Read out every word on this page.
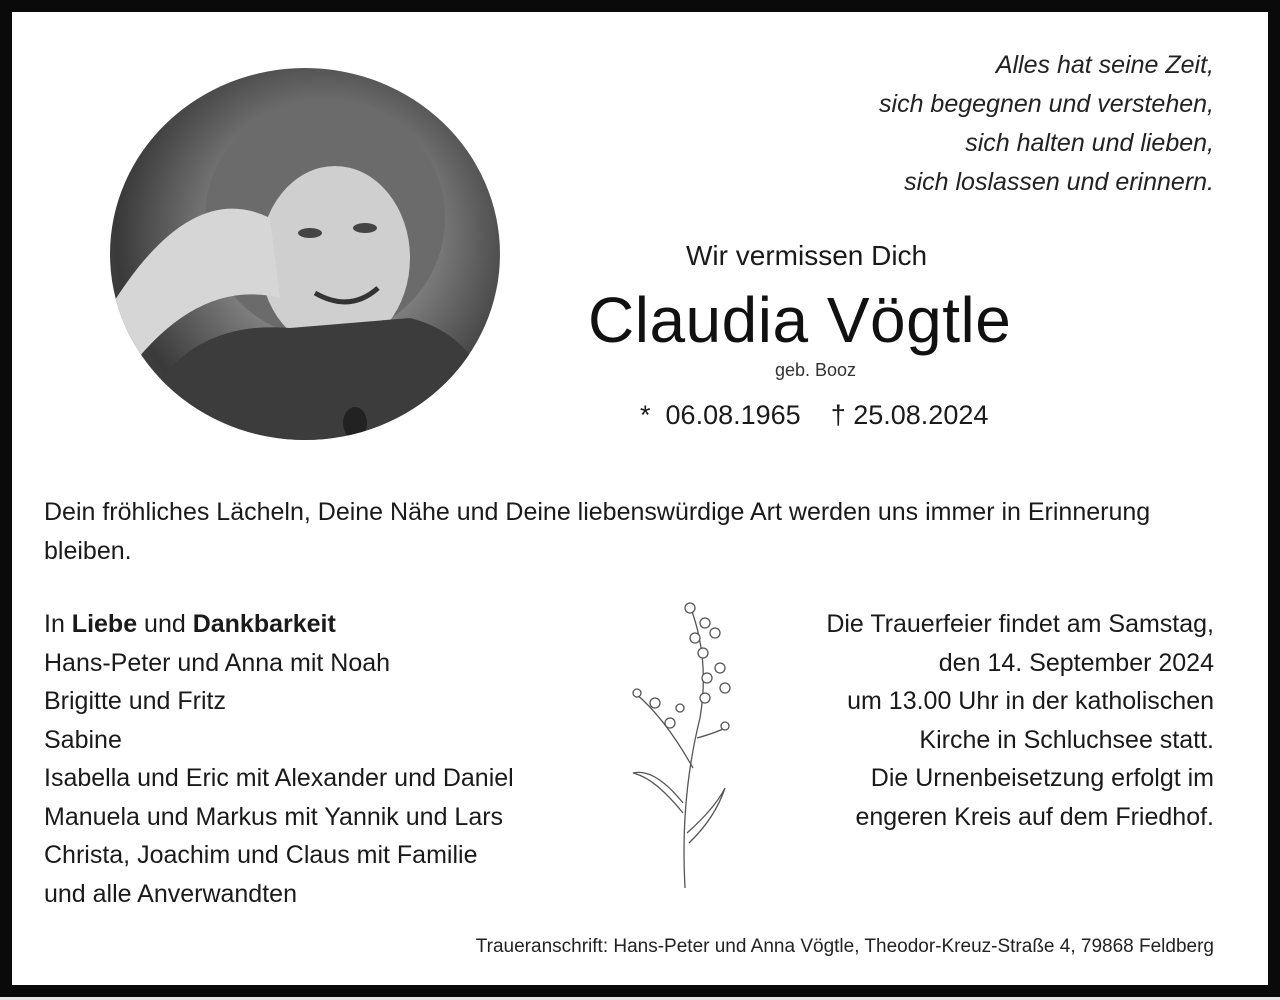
Alles hat seine Zeit,
sich begegnen und verstehen,
sich halten und lieben,
sich loslassen und erinnern.
Wir vermissen Dich
Claudia Vögtle
geb. Booz
* 06.08.1965 † 25.08.2024
Dein fröhliches Lächeln, Deine Nähe und Deine liebenswürdige Art werden uns immer in Erinnerung bleiben.
In Liebe und Dankbarkeit
Hans-Peter und Anna mit Noah
Brigitte und Fritz
Sabine
Isabella und Eric mit Alexander und Daniel
Manuela und Markus mit Yannik und Lars
Christa, Joachim und Claus mit Familie
und alle Anverwandten
Die Trauerfeier findet am Samstag,
den 14. September 2024
um 13.00 Uhr in der katholischen
Kirche in Schluchsee statt.
Die Urnenbeisetzung erfolgt im
engeren Kreis auf dem Friedhof.
Traueranschrift: Hans-Peter und Anna Vögtle, Theodor-Kreuz-Straße 4, 79868 Feldberg
